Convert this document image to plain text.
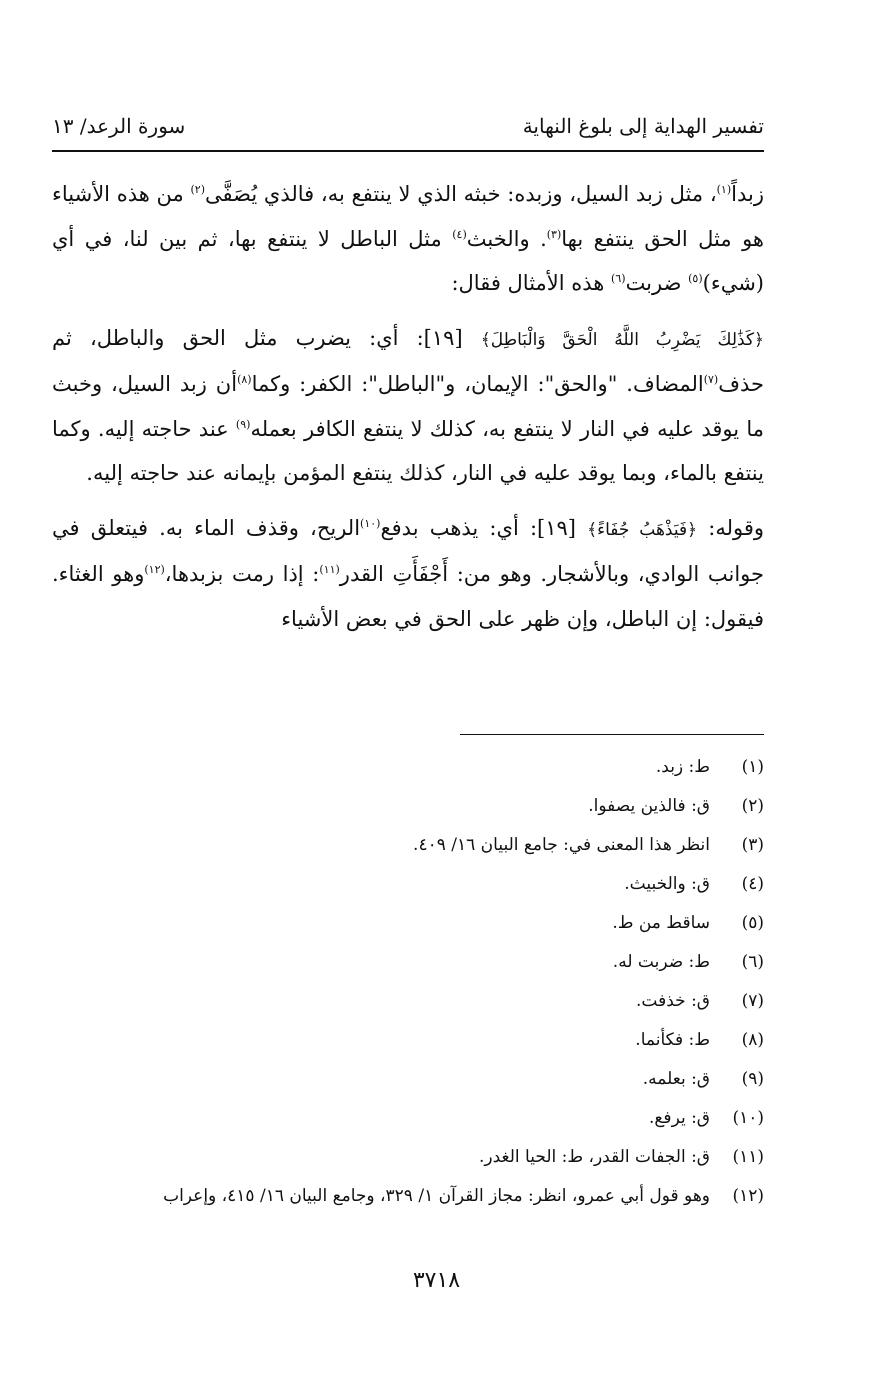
تفسير الهداية إلى بلوغ النهاية
سورة الرعد/ ١٣

زبداً$^{(١)}$، مثل زبد السيل، وزبده: خبثه الذي لا ينتفع به، فالذي يُصَفَّى$^{(٢)}$ من هذه الأشياء هو مثل الحق ينتفع بها$^{(٣)}$. والخبث$^{(٤)}$ مثل الباطل لا ينتفع بها، ثم بين لنا، في أي (شيء)$^{(٥)}$ ضربت$^{(٦)}$ هذه الأمثال فقال:

﴿كَذَٰلِكَ يَضْرِبُ اللَّهُ الْحَقَّ وَالْبَاطِلَ﴾ [١٩]: أي: يضرب مثل الحق والباطل، ثم حذف$^{(٧)}$المضاف. "والحق": الإيمان، و"الباطل": الكفر: وكما$^{(٨)}$أن زبد السيل، وخبث ما يوقد عليه في النار لا ينتفع به، كذلك لا ينتفع الكافر بعمله$^{(٩)}$ عند حاجته إليه. وكما ينتفع بالماء، وبما يوقد عليه في النار، كذلك ينتفع المؤمن بإيمانه عند حاجته إليه.

وقوله: ﴿فَيَذْهَبُ جُفَاءً﴾ [١٩]: أي: يذهب بدفع$^{(١٠)}$الريح، وقذف الماء به. فيتعلق في جوانب الوادي، وبالأشجار. وهو من: أَجْفَأَتِ القدر$^{(١١)}$: إذا رمت بزبدها،$^{(١٢)}$وهو الغثاء. فيقول: إن الباطل، وإن ظهر على الحق في بعض الأشياء

(١)ط: زبد.
(٢)ق: فالذين يصفوا.
(٣)انظر هذا المعنى في: جامع البيان ١٦/ ٤٠٩.
(٤)ق: والخبيث.
(٥)ساقط من ط.
(٦)ط: ضربت له.
(٧)ق: خذفت.
(٨)ط: فكأنما.
(٩)ق: بعلمه.
(١٠)ق: يرفع.
(١١)ق: الجفات القدر، ط: الحيا الغدر.
(١٢)وهو قول أبي عمرو، انظر: مجاز القرآن ١/ ٣٢٩، وجامع البيان ١٦/ ٤١٥، وإعراب
٣٧١٨
